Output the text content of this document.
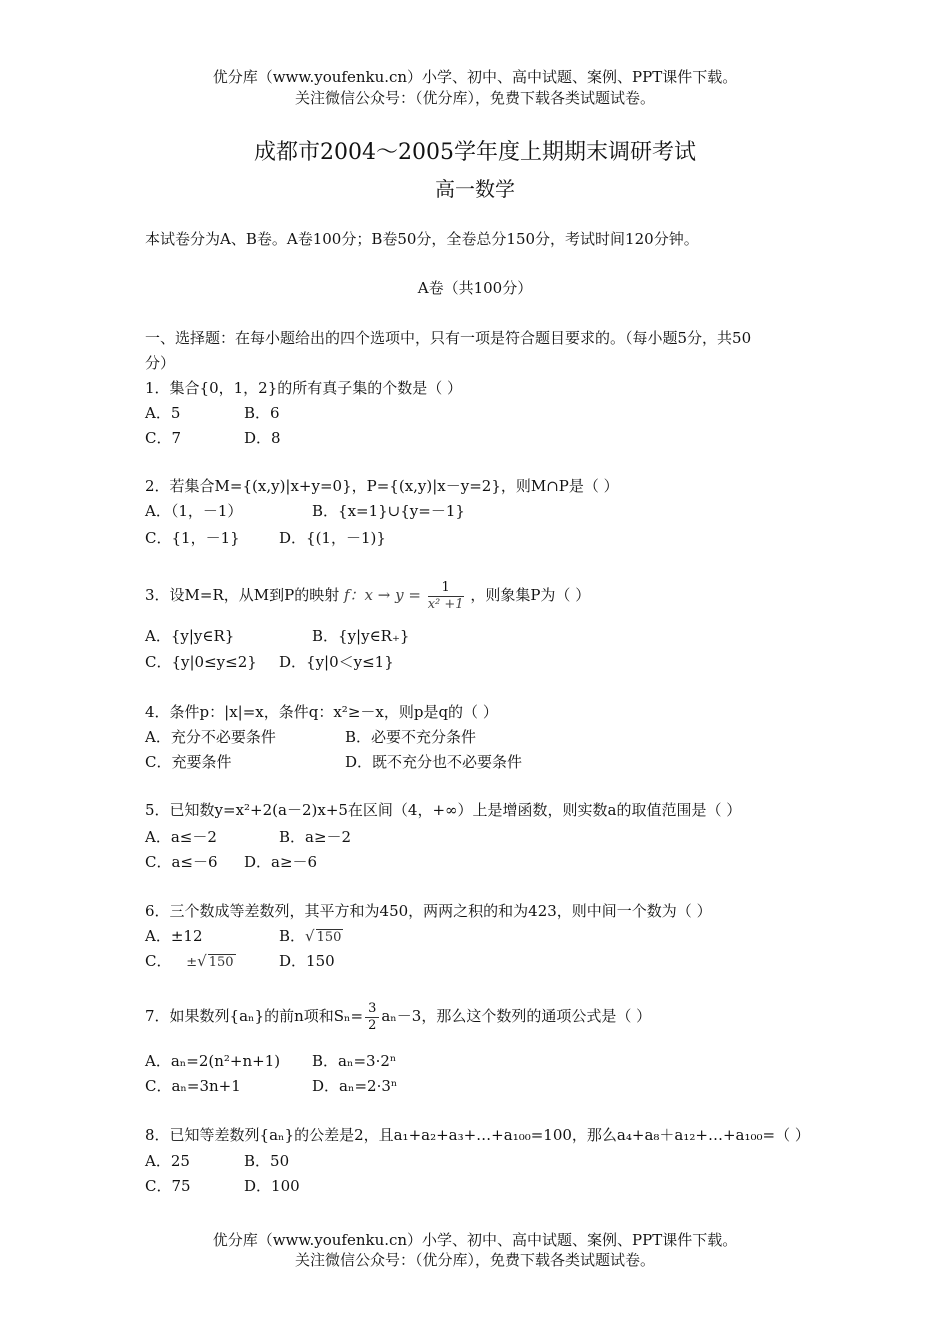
优分库（www.youfenku.cn）小学、初中、高中试题、案例、PPT课件下载。
关注微信公众号：（优分库），免费下载各类试题试卷。
成都市2004～2005学年度上期期末调研考试
高一数学
本试卷分为A、B卷。A卷100分；B卷50分，全卷总分150分，考试时间120分钟。
A卷（共100分）
一、选择题：在每小题给出的四个选项中，只有一项是符合题目要求的。（每小题5分，共50
分）
1．集合{0，1，2}的所有真子集的个数是（ ）
A．5	B．6
C．7	D．8
2．若集合M={(x,y)|x+y=0}，P={(x,y)|x－y=2}，则M∩P是（ ）
A．（1，－1）	B．{x=1}∪{y=－1}
C．{1，－1}	D．{(1，－1)}
3．设M=R，从M到P的映射 f：$x \to y = \frac{1}{\text{x² +1}}$ ，则象集P为（ ）
A．{y|y∈R}	B．{y|y∈R₊}
C．{y|0≤y≤2} D．{y|0＜y≤1}
4．条件p：|x|=x，条件q：x²≥－x，则p是q的（ ）
A．充分不必要条件	B．必要不充分条件
C．充要条件	D．既不充分也不必要条件
5．已知数y=x²+2(a－2)x+5在区间（4，+∞）上是增函数，则实数a的取值范围是（ ）
A．a≤－2	B．a≥－2
C．a≤－6 D．a≥－6
6．三个数成等差数列，其平方和为450，两两之积的和为423，则中间一个数为（ ）
A．±12	B．√ 150
C． ±√ 150	D．150
7．如果数列{aₙ}的前n项和$S_n= \frac{3}{2} a_n-3$，那么这个数列的通项公式是（ ）
A．aₙ=2(n²+n+1) B．aₙ=3·2ⁿ
C．aₙ=3n+1	D．aₙ=2·3ⁿ
8．已知等差数列{aₙ}的公差是2，且a₁+a₂+a₃+…+a₁₀₀=100，那么a₄+a₈＋a₁₂+…+a₁₀₀=（ ）
A．25	B．50
C．75	D．100
优分库（www.youfenku.cn）小学、初中、高中试题、案例、PPT课件下载。
关注微信公众号：（优分库），免费下载各类试题试卷。
